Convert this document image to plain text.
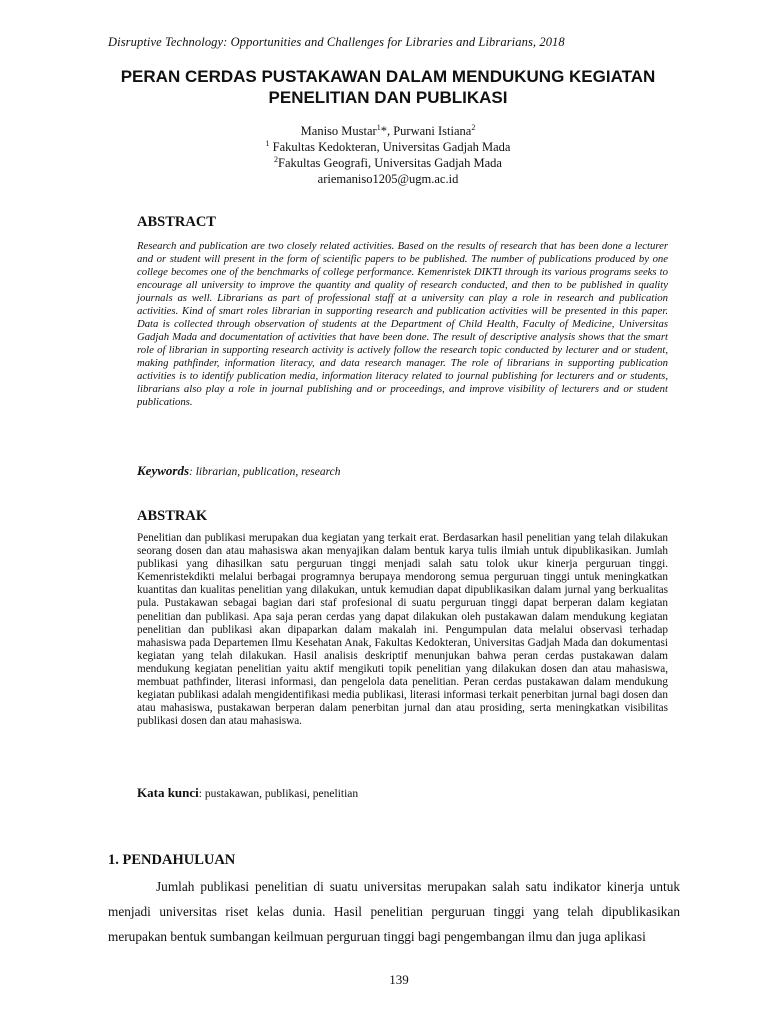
Disruptive Technology: Opportunities and Challenges for Libraries and Librarians, 2018
PERAN CERDAS PUSTAKAWAN DALAM MENDUKUNG KEGIATAN
PENELITIAN DAN PUBLIKASI
Maniso Mustar$^1$*, Purwani Istiana$^2$
$^1$ Fakultas Kedokteran, Universitas Gadjah Mada
$^2$Fakultas Geografi, Universitas Gadjah Mada
ariemaniso1205@ugm.ac.id
ABSTRACT

Research and publication are two closely related activities. Based on the results of research that has been done a lecturer and or student will present in the form of scientific papers to be published. The number of publications produced by one college becomes one of the benchmarks of college performance. Kemenristek DIKTI through its various programs seeks to encourage all university to improve the quantity and quality of research conducted, and then to be published in quality journals as well. Librarians as part of professional staff at a university can play a role in research and publication activities. Kind of smart roles librarian in supporting research and publication activities will be presented in this paper. Data is collected through observation of students at the Department of Child Health, Faculty of Medicine, Universitas Gadjah Mada and documentation of activities that have been done. The result of descriptive analysis shows that the smart role of librarian in supporting research activity is actively follow the research topic conducted by lecturer and or student, making pathfinder, information literacy, and data research manager. The role of librarians in supporting publication activities is to identify publication media, information literacy related to journal publishing for lecturers and or students, librarians also play a role in journal publishing and or proceedings, and improve visibility of lecturers and or student publications.

Keywords: librarian, publication, research
ABSTRAK

Penelitian dan publikasi merupakan dua kegiatan yang terkait erat. Berdasarkan hasil penelitian yang telah dilakukan seorang dosen dan atau mahasiswa akan menyajikan dalam bentuk karya tulis ilmiah untuk dipublikasikan. Jumlah publikasi yang dihasilkan satu perguruan tinggi menjadi salah satu tolok ukur kinerja perguruan tinggi. Kemenristekdikti melalui berbagai programnya berupaya mendorong semua perguruan tinggi untuk meningkatkan kuantitas dan kualitas penelitian yang dilakukan, untuk kemudian dapat dipublikasikan dalam jurnal yang berkualitas pula. Pustakawan sebagai bagian dari staf profesional di suatu perguruan tinggi dapat berperan dalam kegiatan penelitian dan publikasi. Apa saja peran cerdas yang dapat dilakukan oleh pustakawan dalam mendukung kegiatan penelitian dan publikasi akan dipaparkan dalam makalah ini. Pengumpulan data melalui observasi terhadap mahasiswa pada Departemen Ilmu Kesehatan Anak, Fakultas Kedokteran, Universitas Gadjah Mada dan dokumentasi kegiatan yang telah dilakukan. Hasil analisis deskriptif menunjukan bahwa peran cerdas pustakawan dalam mendukung kegiatan penelitian yaitu aktif mengikuti topik penelitian yang dilakukan dosen dan atau mahasiswa, membuat pathfinder, literasi informasi, dan pengelola data penelitian. Peran cerdas pustakawan dalam mendukung kegiatan publikasi adalah mengidentifikasi media publikasi, literasi informasi terkait penerbitan jurnal bagi dosen dan atau mahasiswa, pustakawan berperan dalam penerbitan jurnal dan atau prosiding, serta meningkatkan visibilitas publikasi dosen dan atau mahasiswa.

Kata kunci: pustakawan, publikasi, penelitian
1. PENDAHULUAN

Jumlah publikasi penelitian di suatu universitas merupakan salah satu indikator kinerja untuk menjadi universitas riset kelas dunia. Hasil penelitian perguruan tinggi yang telah dipublikasikan merupakan bentuk sumbangan keilmuan perguruan tinggi bagi pengembangan ilmu dan juga aplikasi

139
